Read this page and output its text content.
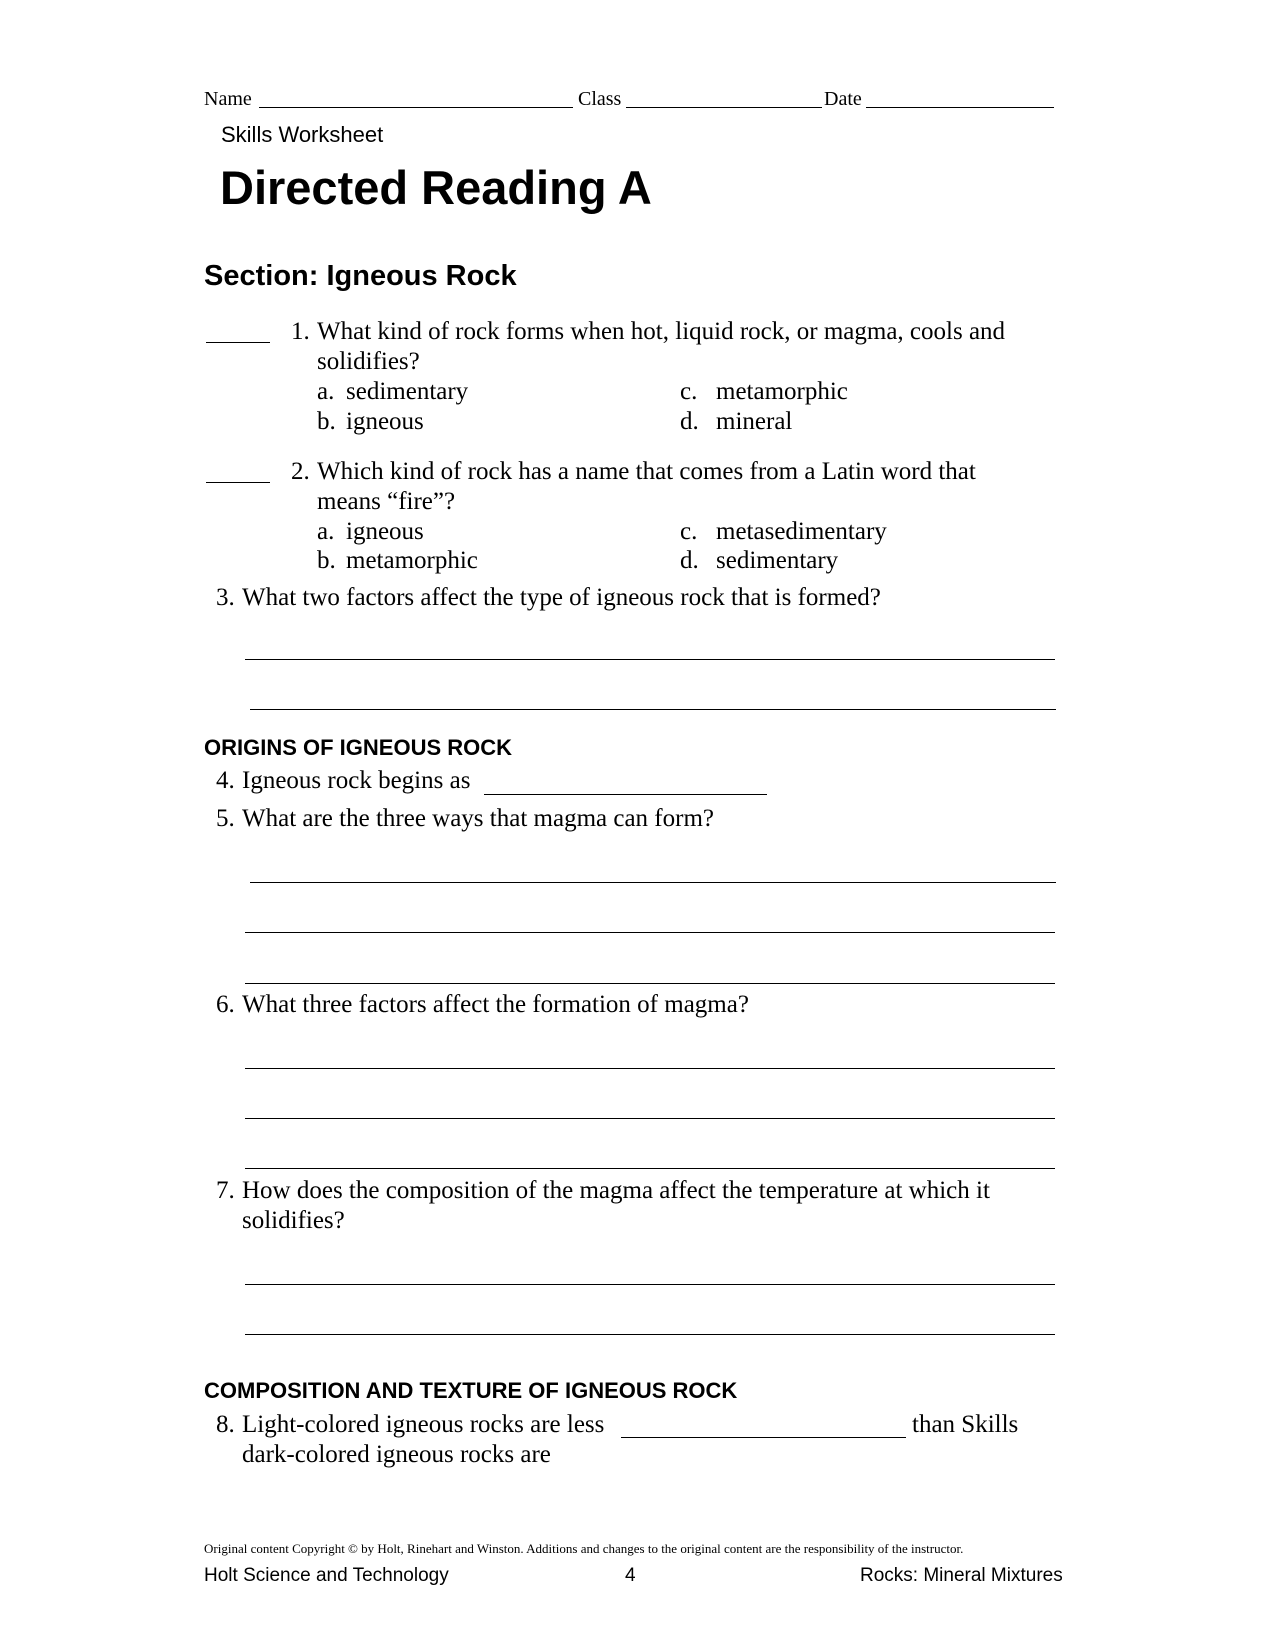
Name	Class	Date
Skills Worksheet
Directed Reading A
Section: Igneous Rock
1. What kind of rock forms when hot, liquid rock, or magma, cools and
solidifies?
a. sedimentary
b. igneous
c. metamorphic
d. mineral
2. Which kind of rock has a name that comes from a Latin word that
means “fire”?
a. igneous
b. metamorphic
c. metasedimentary
d. sedimentary
3. What two factors affect the type of igneous rock that is formed?
ORIGINS OF IGNEOUS ROCK
4. Igneous rock begins as
5. What are the three ways that magma can form?
6. What three factors affect the formation of magma?
7. How does the composition of the magma affect the temperature at which it
solidifies?
COMPOSITION AND TEXTURE OF IGNEOUS ROCK
8. Light-colored igneous rocks are less	than Skills
dark-colored igneous rocks are
Original content Copyright © by Holt, Rinehart and Winston. Additions and changes to the original content are the responsibility of the instructor.
Holt Science and Technology	4	Rocks: Mineral Mixtures
